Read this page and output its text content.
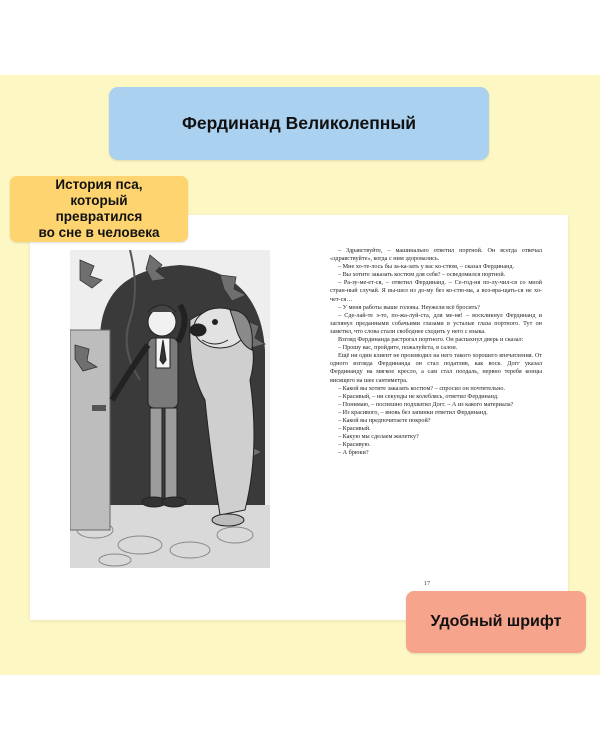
– Здравствуйте, – машинально ответил портной. Он всегда отвечал «здравствуйте», когда с ним здоровались.

– Мне хо-те-лось бы за-ка-зать у вас ко-стюм, – сказал Фердинанд.

– Вы хотите заказать костюм для себя? – осведомился портной.

– Ра-зу-ме-ет-ся, – ответил Фердинанд. – Се-год-ня по-лу-чил-ся со мной стран-ный случай. Я вы-шел из до-му без ко-стю-ма, а воз-вра-щать-ся не хо-чет-ся…

– У меня работы выше головы. Неужели всё бросить?

– Сде-лай-те э-то, по-жа-луй-ста, для ме-ня! – воскликнул Фердинанд и заглянул преданными собачьими глазами в усталые глаза портного. Тут он заметил, что слова стали свободнее сходить у него с языка.

Взгляд Фердинанда растрогал портного. Он распахнул дверь и сказал:

– Прошу вас, пройдите, пожалуйста, в салон.

Ещё ни один клиент не производил на него такого хорошего впечатления. От одного взгляда Фердинанда он стал податлив, как воск. Догг указал Фердинанду на мягкое кресло, а сам стал поодаль, нервно теребя концы висящего на шее сантиметра.

– Какой вы хотите заказать костюм? – спросил он почтительно.

– Красивый, – ни секунды не колеблясь, ответил Фердинанд.

– Понимаю, – поспешно подхватил Догг. – А из какого материала?

– Из красивого, – вновь без запинки ответил Фердинанд.

– Какой вы предпочитаете покрой?

– Красивый.

– Какую мы сделаем жилетку?

– Красивую.

– А брюки?

17
Фердинанд Великолепный
История пса,
который
превратился
во сне в человека
Удобный шрифт
